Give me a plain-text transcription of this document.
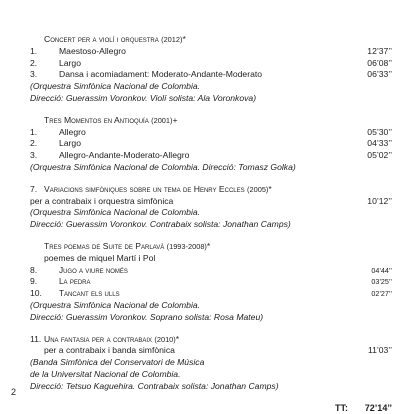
Concert per a violí i orquestra (2012)*
1.	Maestoso-Allegro	12’37’’
2.	Largo	06’08’’
3.	Dansa i acomiadament: Moderato-Andante-Moderato	06’33’’
(Orquestra Simfònica Nacional de Colombia.
Direcció: Guerassim Voronkov. Violí solista: Ala Voronkova)
Tres Momentos en Antioquía (2001)+
1.	Allegro	05’30’’
2.	Largo	04’33’’
3.	Allegro-Andante-Moderato-Allegro	05’02’’
(Orquestra Simfònica Nacional de Colombia. Direcció: Tomasz Golka)
7. Variacions simfòniques sobre un tema de Henry Eccles (2005)*
per a contrabaix i orquestra simfònica	10’12’’
(Orquestra Simfònica Nacional de Colombia.
Direcció: Guerassim Voronkov. Contrabaix solista: Jonathan Camps)
Tres poemas de Suite de Parlavà (1993-2008)*
poemes de miquel Martí i Pol
8.	Jugo a viure només	04’44’’
9.	La pedra	03’25’’
10. Tancant els ulls	02’27’’
(Orquestra Simfònica Nacional de Colombia.
Direcció: Guerassim Voronkov. Soprano solista: Rosa Mateu)
11. Una fantasia per a contrabaix (2010)*
per a contrabaix i banda simfònica	11’03’’
(Banda Simfònica del Conservatori de Música
de la Universitat Nacional de Colombia.
Direcció: Tetsuo Kaguehira. Contrabaix solista: Jonathan Camps)
TT: 72’14’’
2
